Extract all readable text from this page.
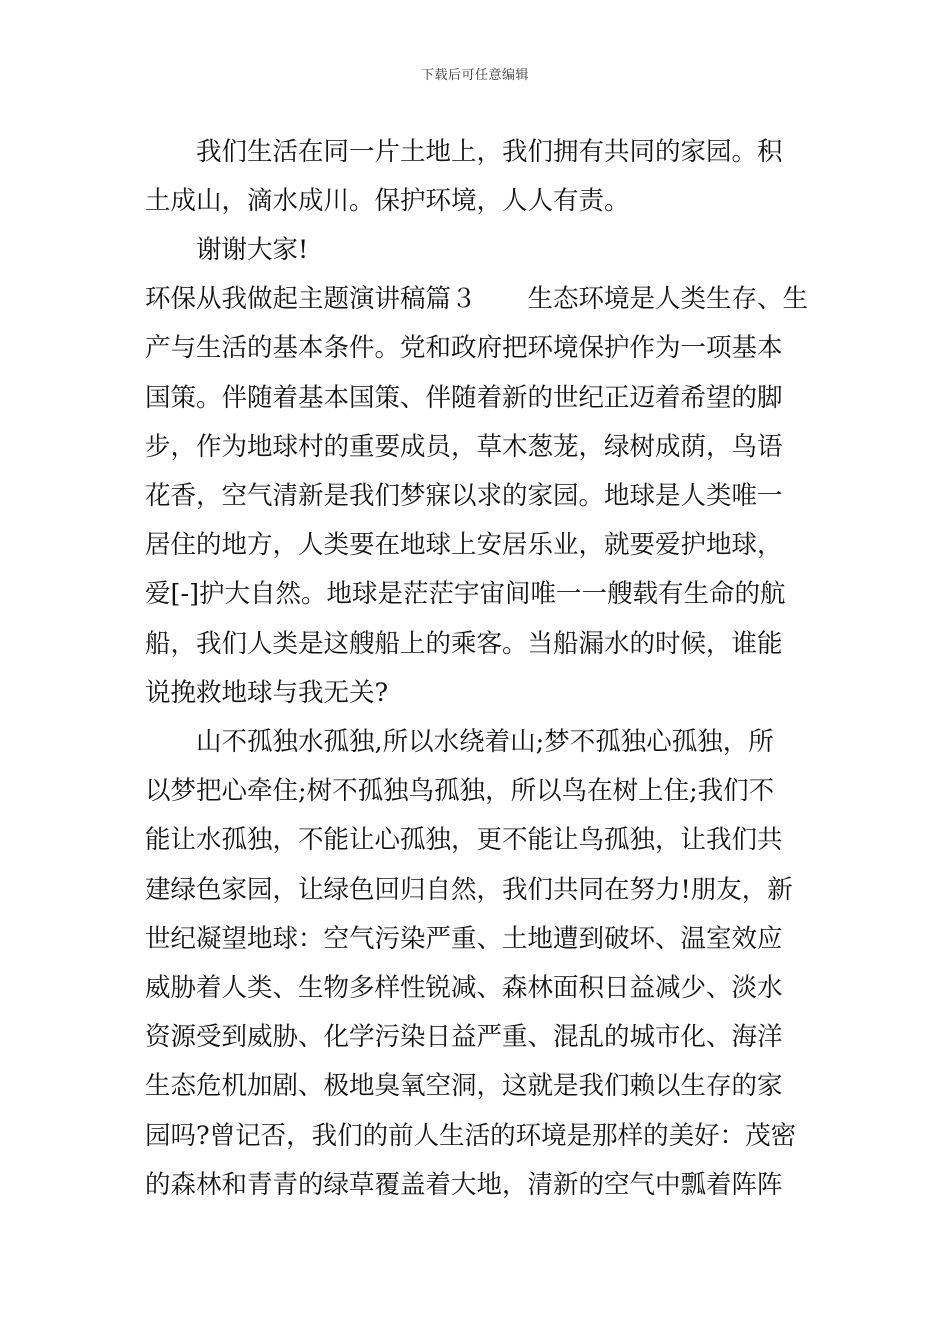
下载后可任意编辑
我们生活在同一片土地上，我们拥有共同的家园。积
土成山，滴水成川。保护环境，人人有责。
谢谢大家!
环保从我做起主题演讲稿篇３　　生态环境是人类生存、生
产与生活的基本条件。党和政府把环境保护作为一项基本
国策。伴随着基本国策、伴随着新的世纪正迈着希望的脚
步，作为地球村的重要成员，草木葱茏，绿树成荫，鸟语
花香，空气清新是我们梦寐以求的家园。地球是人类唯一
居住的地方，人类要在地球上安居乐业，就要爱护地球，
爱[-]护大自然。地球是茫茫宇宙间唯一一艘载有生命的航
船，我们人类是这艘船上的乘客。当船漏水的时候，谁能
说挽救地球与我无关?
山不孤独水孤独,所以水绕着山;梦不孤独心孤独，所
以梦把心牵住;树不孤独鸟孤独，所以鸟在树上住;我们不
能让水孤独，不能让心孤独，更不能让鸟孤独，让我们共
建绿色家园，让绿色回归自然，我们共同在努力!朋友，新
世纪凝望地球：空气污染严重、土地遭到破坏、温室效应
威胁着人类、生物多样性锐减、森林面积日益减少、淡水
资源受到威胁、化学污染日益严重、混乱的城市化、海洋
生态危机加剧、极地臭氧空洞，这就是我们赖以生存的家
园吗?曾记否，我们的前人生活的环境是那样的美好：茂密
的森林和青青的绿草覆盖着大地，清新的空气中瓢着阵阵
